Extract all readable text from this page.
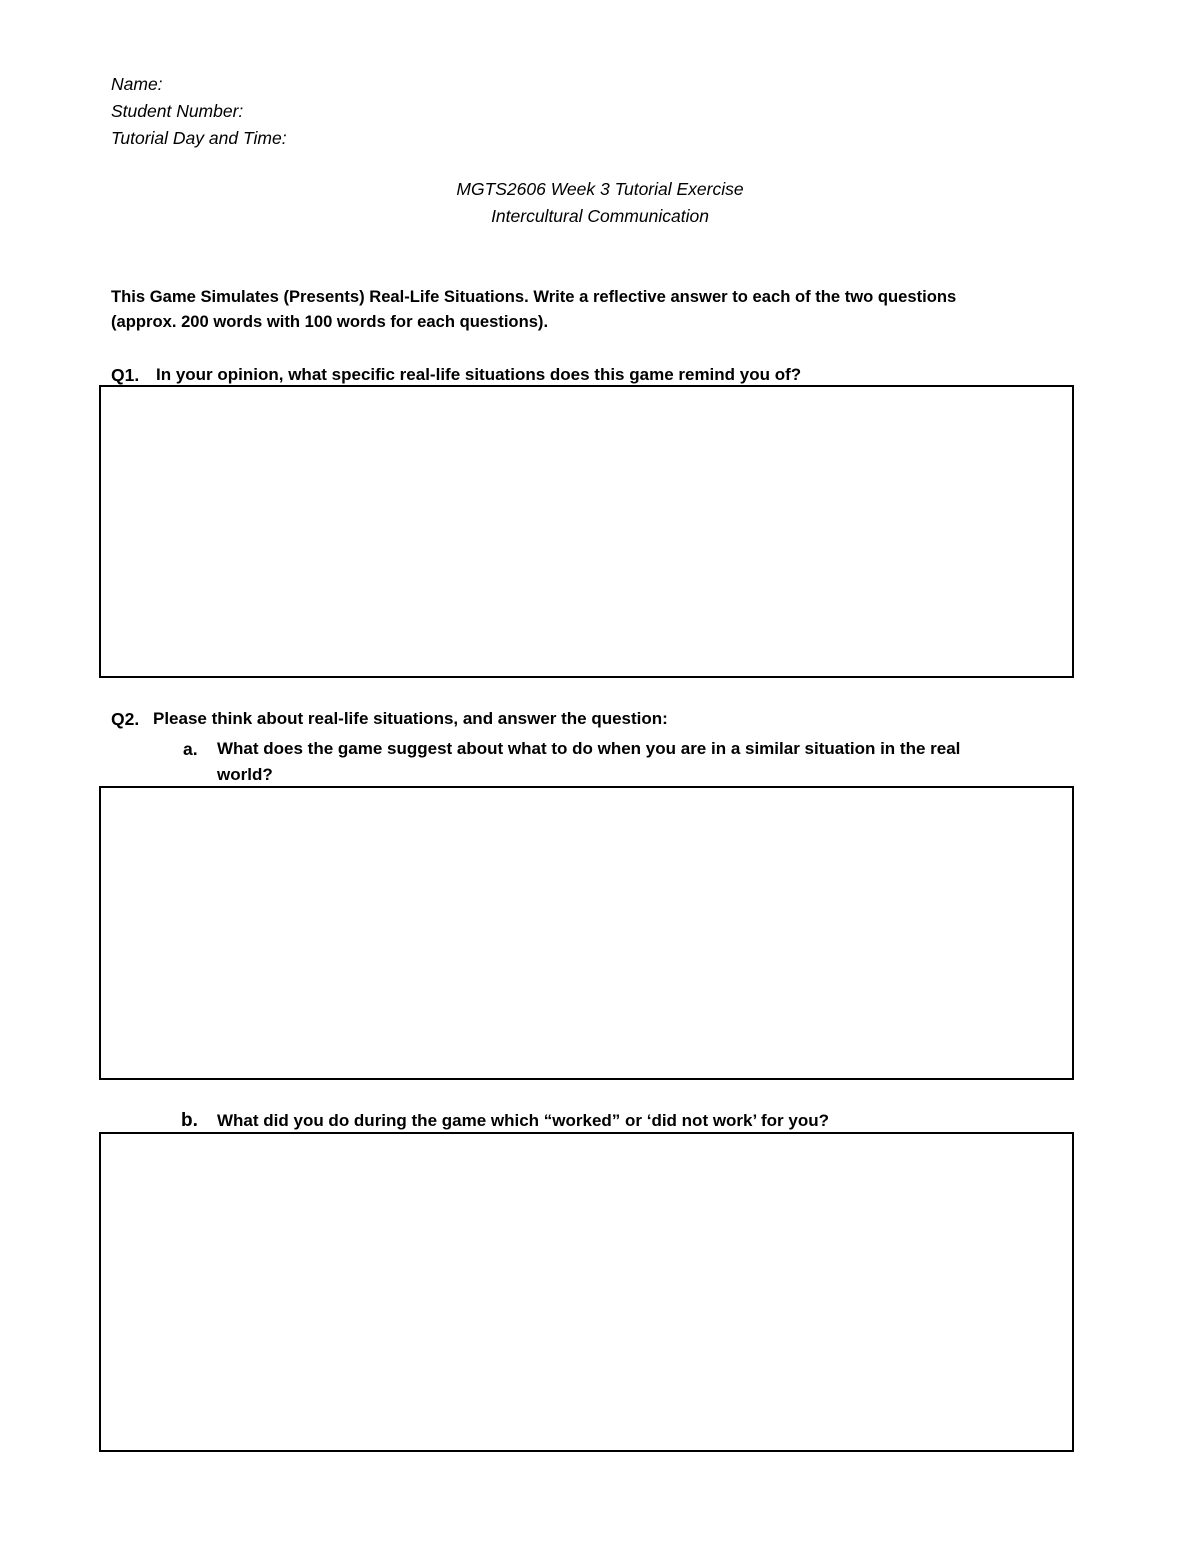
Name:
Student Number:
Tutorial Day and Time:
MGTS2606 Week 3 Tutorial Exercise
Intercultural Communication
This Game Simulates (Presents) Real-Life Situations. Write a reflective answer to each of the two questions
(approx. 200 words with 100 words for each questions).
Q1. In your opinion, what specific real-life situations does this game remind you of?
Q2. Please think about real-life situations, and answer the question:
a. What does the game suggest about what to do when you are in a similar situation in the real
world?
b. What did you do during the game which “worked” or ‘did not work’ for you?
